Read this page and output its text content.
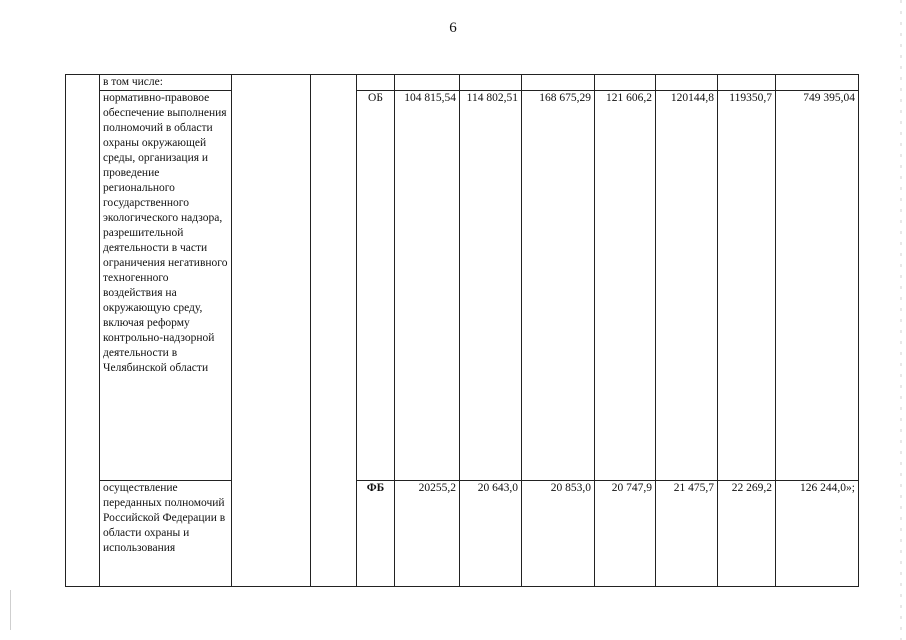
6
	в том числе:										

	нормативно-правовое обеспечение выполнения полномочий в области охраны окружающей среды, организация и проведение регионального государственного экологического надзора, разрешительной деятельности в части ограничения негативного техногенного воздействия на окружающую среду, включая реформу контрольно-надзорной деятельности в Челябинской области			ОБ	104 815,54	114 802,51	168 675,29	121 606,2	120144,8	119350,7	749 395,04

	осуществление переданных полномочий Российской Федерации в области охраны и использования			ФБ	20255,2	20 643,0	20 853,0	20 747,9	21 475,7	22 269,2	126 244,0»;
